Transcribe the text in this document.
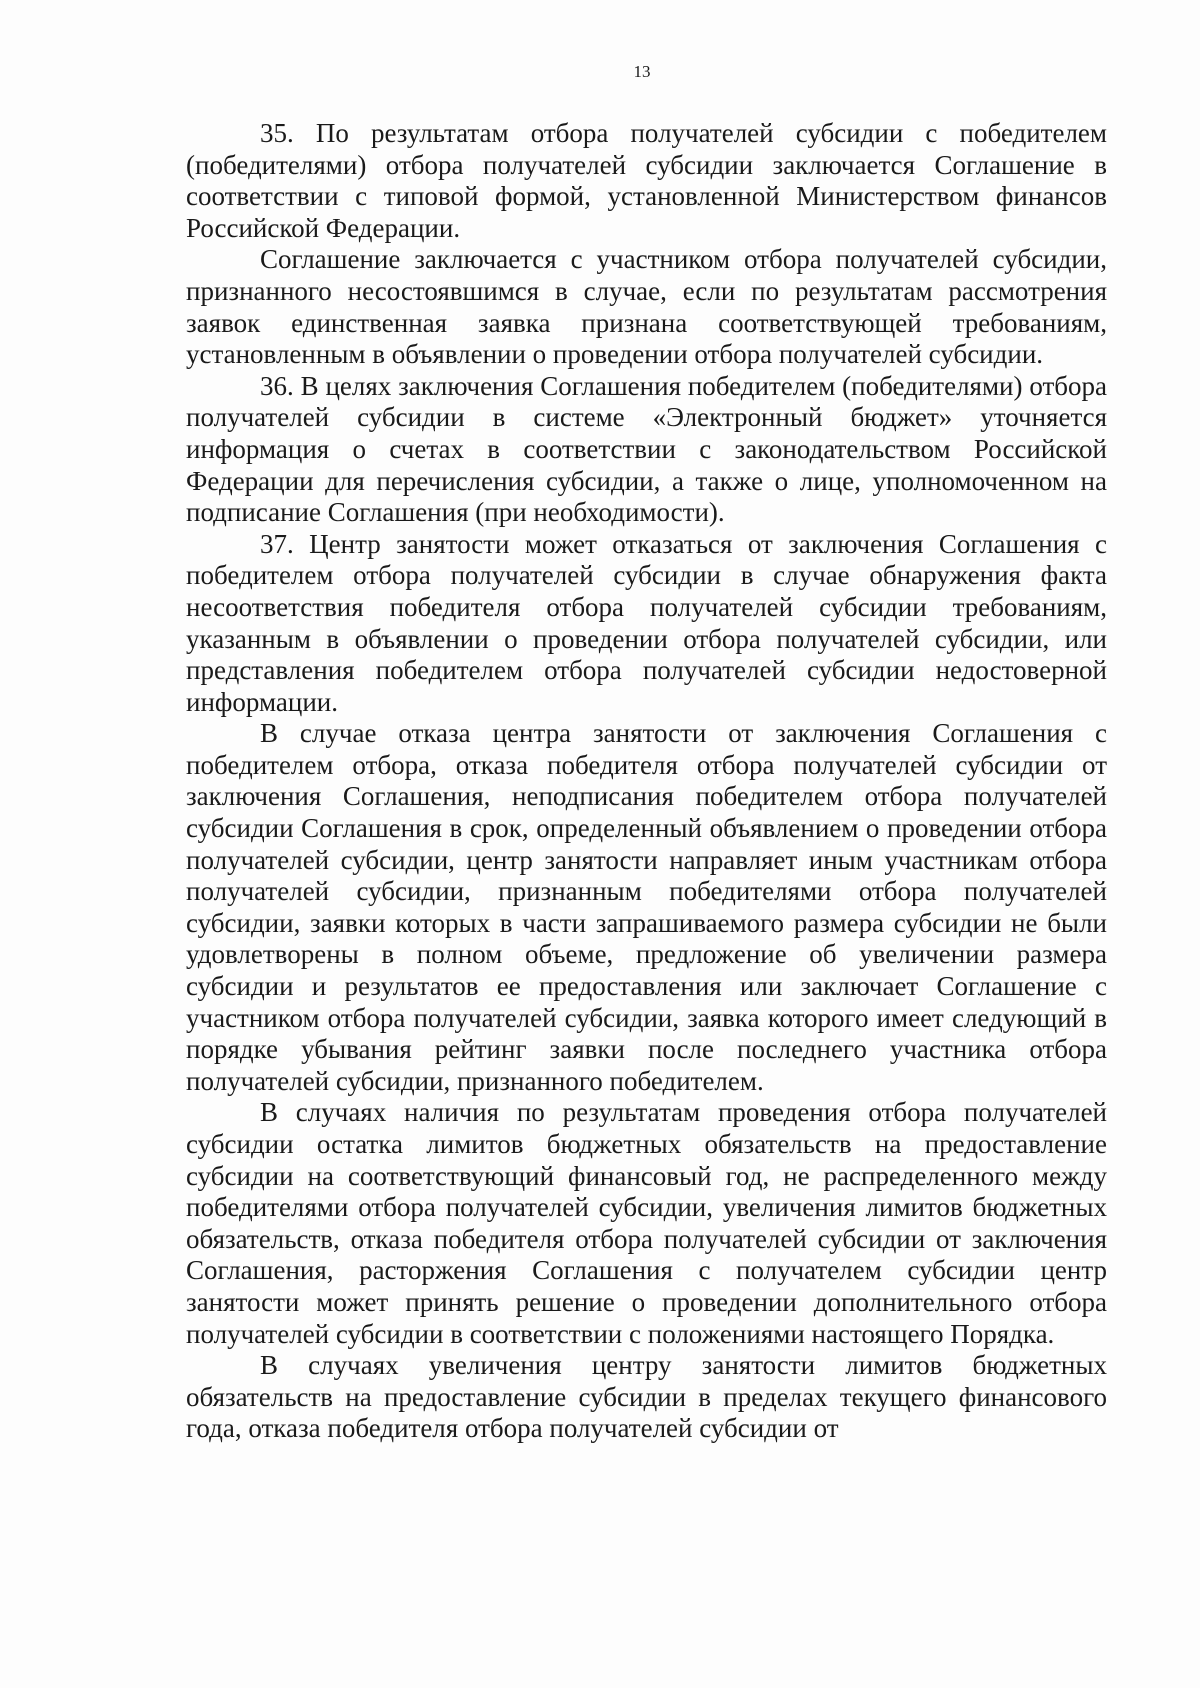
13

35. По результатам отбора получателей субсидии с победителем (победителями) отбора получателей субсидии заключается Соглашение в соответствии с типовой формой, установленной Министерством финансов Российской Федерации.

Соглашение заключается с участником отбора получателей субсидии, признанного несостоявшимся в случае, если по результатам рассмотрения заявок единственная заявка признана соответствующей требованиям, установленным в объявлении о проведении отбора получателей субсидии.

36. В целях заключения Соглашения победителем (победителями) отбора получателей субсидии в системе «Электронный бюджет» уточняется информация о счетах в соответствии с законодательством Российской Федерации для перечисления субсидии, а также о лице, уполномоченном на подписание Соглашения (при необходимости).

37. Центр занятости может отказаться от заключения Соглашения с победителем отбора получателей субсидии в случае обнаружения факта несоответствия победителя отбора получателей субсидии требованиям, указанным в объявлении о проведении отбора получателей субсидии, или представления победителем отбора получателей субсидии недостоверной информации.

В случае отказа центра занятости от заключения Соглашения с победителем отбора, отказа победителя отбора получателей субсидии от заключения Соглашения, неподписания победителем отбора получателей субсидии Соглашения в срок, определенный объявлением о проведении отбора получателей субсидии, центр занятости направляет иным участникам отбора получателей субсидии, признанным победителями отбора получателей субсидии, заявки которых в части запрашиваемого размера субсидии не были удовлетворены в полном объеме, предложение об увеличении размера субсидии и результатов ее предоставления или заключает Соглашение с участником отбора получателей субсидии, заявка которого имеет следующий в порядке убывания рейтинг заявки после последнего участника отбора получателей субсидии, признанного победителем.

В случаях наличия по результатам проведения отбора получателей субсидии остатка лимитов бюджетных обязательств на предоставление субсидии на соответствующий финансовый год, не распределенного между победителями отбора получателей субсидии, увеличения лимитов бюджетных обязательств, отказа победителя отбора получателей субсидии от заключения Соглашения, расторжения Соглашения с получателем субсидии центр занятости может принять решение о проведении дополнительного отбора получателей субсидии в соответствии с положениями настоящего Порядка.

В случаях увеличения центру занятости лимитов бюджетных обязательств на предоставление субсидии в пределах текущего финансового года, отказа победителя отбора получателей субсидии от
